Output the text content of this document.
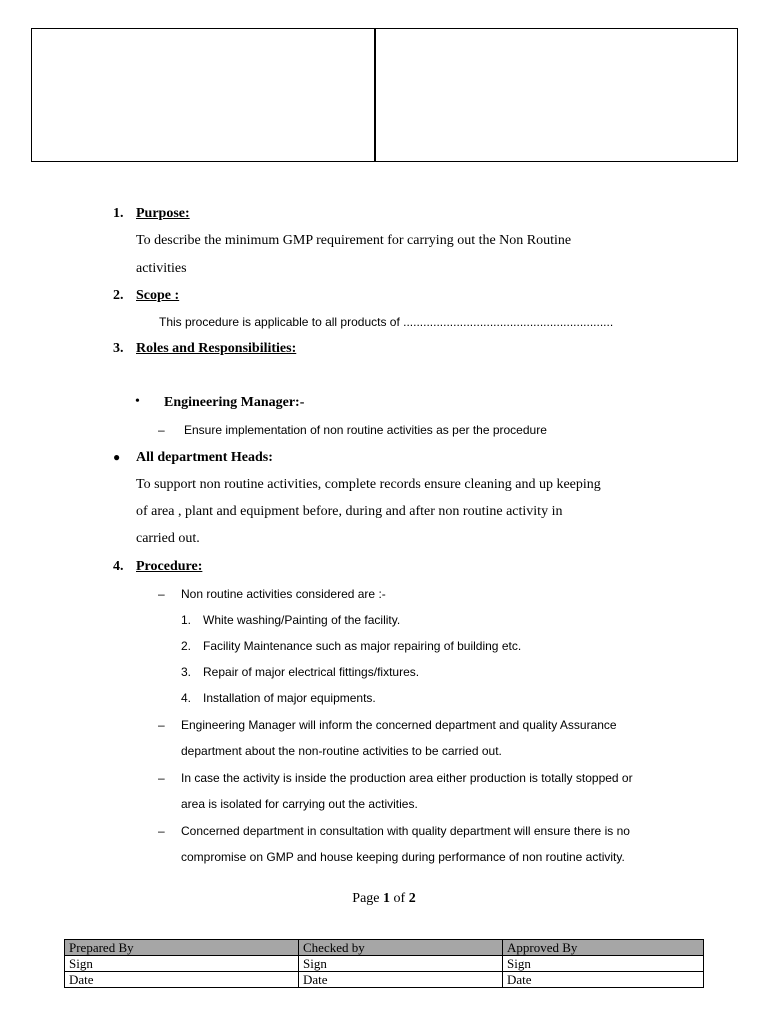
1. Purpose:
To describe the minimum GMP requirement for carrying out the Non Routine
activities
2. Scope :
This procedure is applicable to all products of ...............................................................
3. Roles and Responsibilities:
• Engineering Manager:-
– Ensure implementation of non routine activities as per the procedure
● All department Heads:
To support non routine activities, complete records ensure cleaning and up keeping
of area , plant and equipment before, during and after non routine activity in
carried out.
4. Procedure:
– Non routine activities considered are :-
1. White washing/Painting of the facility.
2. Facility Maintenance such as major repairing of building etc.
3. Repair of major electrical fittings/fixtures.
4. Installation of major equipments.
– Engineering Manager will inform the concerned department and quality Assurance
department about the non-routine activities to be carried out.
– In case the activity is inside the production area either production is totally stopped or
area is isolated for carrying out the activities.
– Concerned department in consultation with quality department will ensure there is no
compromise on GMP and house keeping during performance of non routine activity.
Page 1 of 2
Prepared By	Checked by	Approved By
Sign	Sign	Sign
Date	Date	Date
